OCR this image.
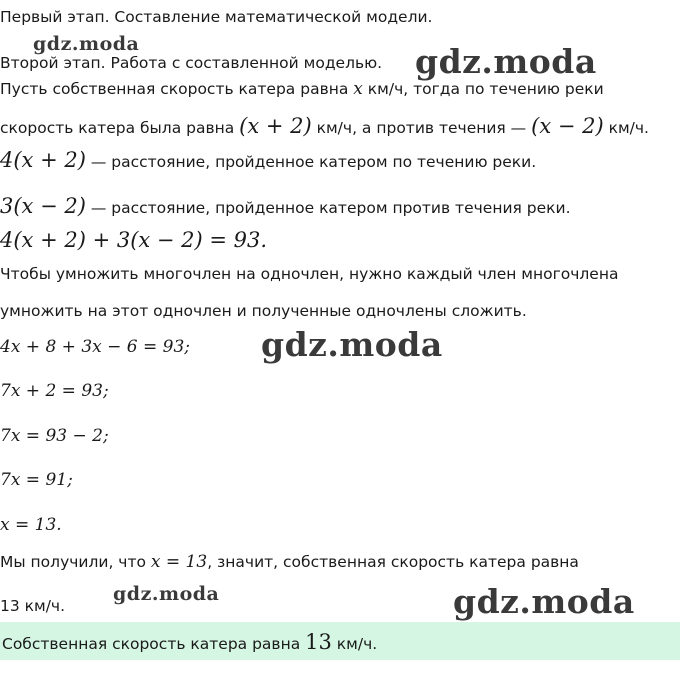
Первый этап. Составление математической модели.
gdz.moda
Второй этап. Работа с составленной моделью. gdz.moda
Пусть собственная скорость катера равна x км/ч, тогда по течению реки
скорость катера была равна (x + 2) км/ч, а против течения — (x − 2) км/ч.
4(x + 2) — расстояние, пройденное катером по течению реки.
3(x − 2) — расстояние, пройденное катером против течения реки.
4(x + 2) + 3(x − 2) = 93.
Чтобы умножить многочлен на одночлен, нужно каждый член многочлена
умножить на этот одночлен и полученные одночлены сложить.
4x + 8 + 3x − 6 = 93; gdz.moda
7x + 2 = 93;
7x = 93 − 2;
7x = 91;
x = 13.
Мы получили, что x = 13, значит, собственная скорость катера равна
13 км/ч.
gdz.moda	gdz.moda
Собственная скорость катера равна 13 км/ч.
